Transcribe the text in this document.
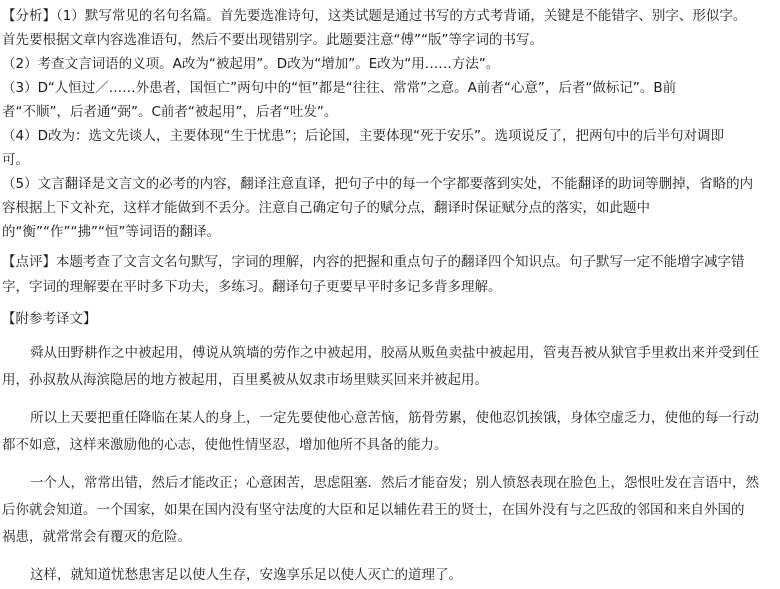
【分析】（1）默写常见的名句名篇。首先要选准诗句，这类试题是通过书写的方式考背诵，关键是不能错字、别字、形似字。
首先要根据文章内容选准语句，然后不要出现错别字。此题要注意“傅”“版”等字词的书写。
（2）考查文言词语的义项。A改为“被起用”。D改为“增加”。E改为“用……方法”。
（3）D“人恒过／……外患者，国恒亡”两句中的“恒”都是“往往、常常”之意。A前者“心意”，后者“做标记”。B前
者“不顺”，后者通“弼”。C前者“被起用”，后者“吐发”。
（4）D改为：选文先谈人，主要体现“生于忧患”；后论国，主要体现“死于安乐”。选项说反了，把两句中的后半句对调即
可。
（5）文言翻译是文言文的必考的内容，翻译注意直译，把句子中的每一个字都要落到实处，不能翻译的助词等删掉，省略的内
容根据上下文补充，这样才能做到不丢分。注意自己确定句子的赋分点，翻译时保证赋分点的落实，如此题中
的“衡”“作”“拂”“恒”等词语的翻译。
【点评】本题考查了文言文名句默写，字词的理解，内容的把握和重点句子的翻译四个知识点。句子默写一定不能增字减字错
字，字词的理解要在平时多下功夫，多练习。翻译句子更要早平时多记多背多理解。
【附参考译文】
舜从田野耕作之中被起用，傅说从筑墙的劳作之中被起用，胶鬲从贩鱼卖盐中被起用，管夷吾被从狱官手里救出来并受到任
用，孙叔敖从海滨隐居的地方被起用，百里奚被从奴隶市场里赎买回来并被起用。
所以上天要把重任降临在某人的身上，一定先要使他心意苦恼，筋骨劳累，使他忍饥挨饿，身体空虚乏力，使他的每一行动
都不如意，这样来激励他的心志，使他性情坚忍，增加他所不具备的能力。
一个人，常常出错，然后才能改正；心意困苦，思虑阻塞．然后才能奋发；别人愤怒表现在脸色上，怨恨吐发在言语中，然
后你就会知道。一个国家，如果在国内没有坚守法度的大臣和足以辅佐君王的贤士，在国外没有与之匹敌的邻国和来自外国的
祸患，就常常会有覆灭的危险。
这样，就知道忧愁患害足以使人生存，安逸享乐足以使人灭亡的道理了。
